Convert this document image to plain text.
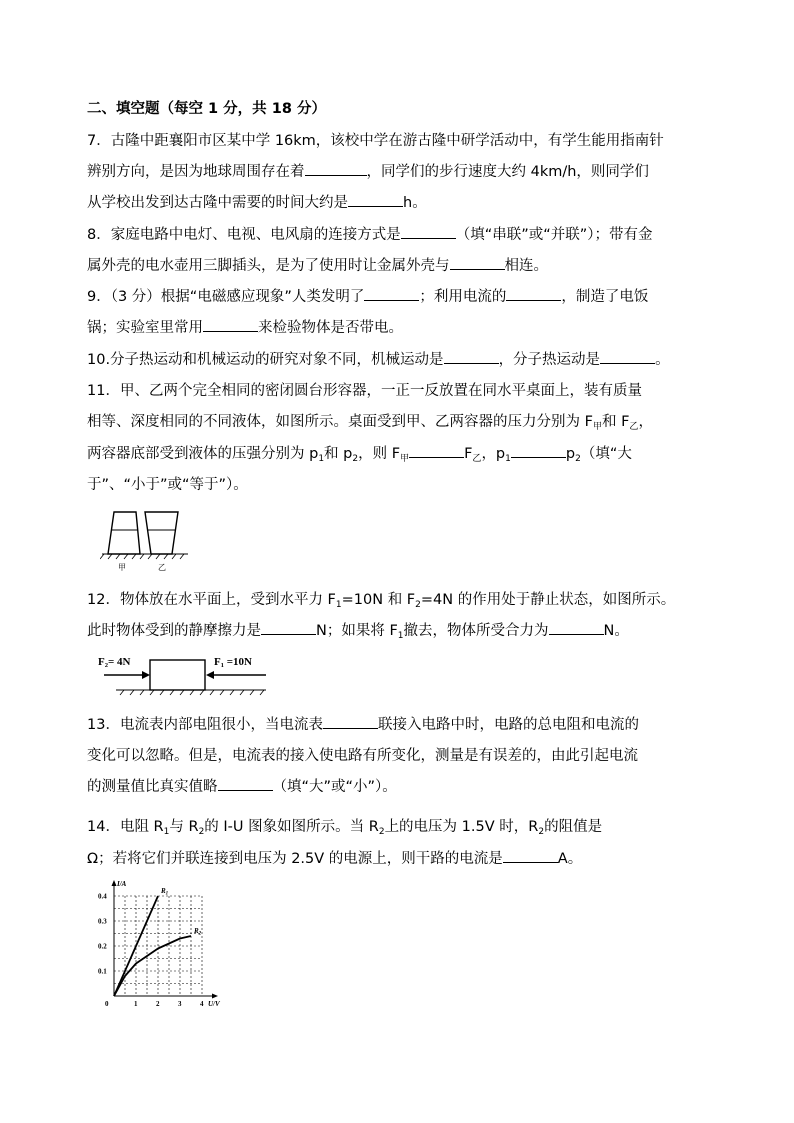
二、填空题（每空 1 分，共 18 分）
7．古隆中距襄阳市区某中学 16km，该校中学在游古隆中研学活动中，有学生能用指南针
辨别方向，是因为地球周围存在着	，同学们的步行速度大约 4km/h，则同学们
从学校出发到达古隆中需要的时间大约是	h。
8．家庭电路中电灯、电视、电风扇的连接方式是	（填“串联”或“并联”）；带有金
属外壳的电水壶用三脚插头，是为了使用时让金属外壳与	相连。
9．（3 分）根据“电磁感应现象”人类发明了	；利用电流的	，制造了电饭
锅；实验室里常用	来检验物体是否带电。
10.分子热运动和机械运动的研究对象不同，机械运动是	，分子热运动是	。
11．甲、乙两个完全相同的密闭圆台形容器，一正一反放置在同水平桌面上，装有质量
相等、深度相同的不同液体，如图所示。桌面受到甲、乙两容器的压力分别为 $F_甲$和 $F_乙$，
两容器底部受到液体的压强分别为 $p_1$和 $p_2$，则 $F_甲$	$F_乙$，$p_1$	$p_2$（填“大
于”、“小于”或“等于”）。
甲	乙
12．物体放在水平面上，受到水平力 $F_1=10N$ 和 $F_2=4N$ 的作用处于静止状态，如图所示。
此时物体受到的静摩擦力是	N；如果将 $F_1$撤去，物体所受合力为	N。
F₂= 4N	F₁ =10N
13．电流表内部电阻很小，当电流表	联接入电路中时，电路的总电阻和电流的
变化可以忽略。但是，电流表的接入使电路有所变化，测量是有误差的，由此引起电流
的测量值比真实值略	（填“大”或“小”）。
14．电阻 $R_1$与 $R_2$的 I-U 图象如图所示。当 $R_2$上的电压为 1.5V 时，$R_2$的阻值是
Ω；若将它们并联连接到电压为 2.5V 的电源上，则干路的电流是	A。
1	2	3	4
0.1
0.2
0.3
0.4
0	U/V
I/A
$R_1$
$R_2$
